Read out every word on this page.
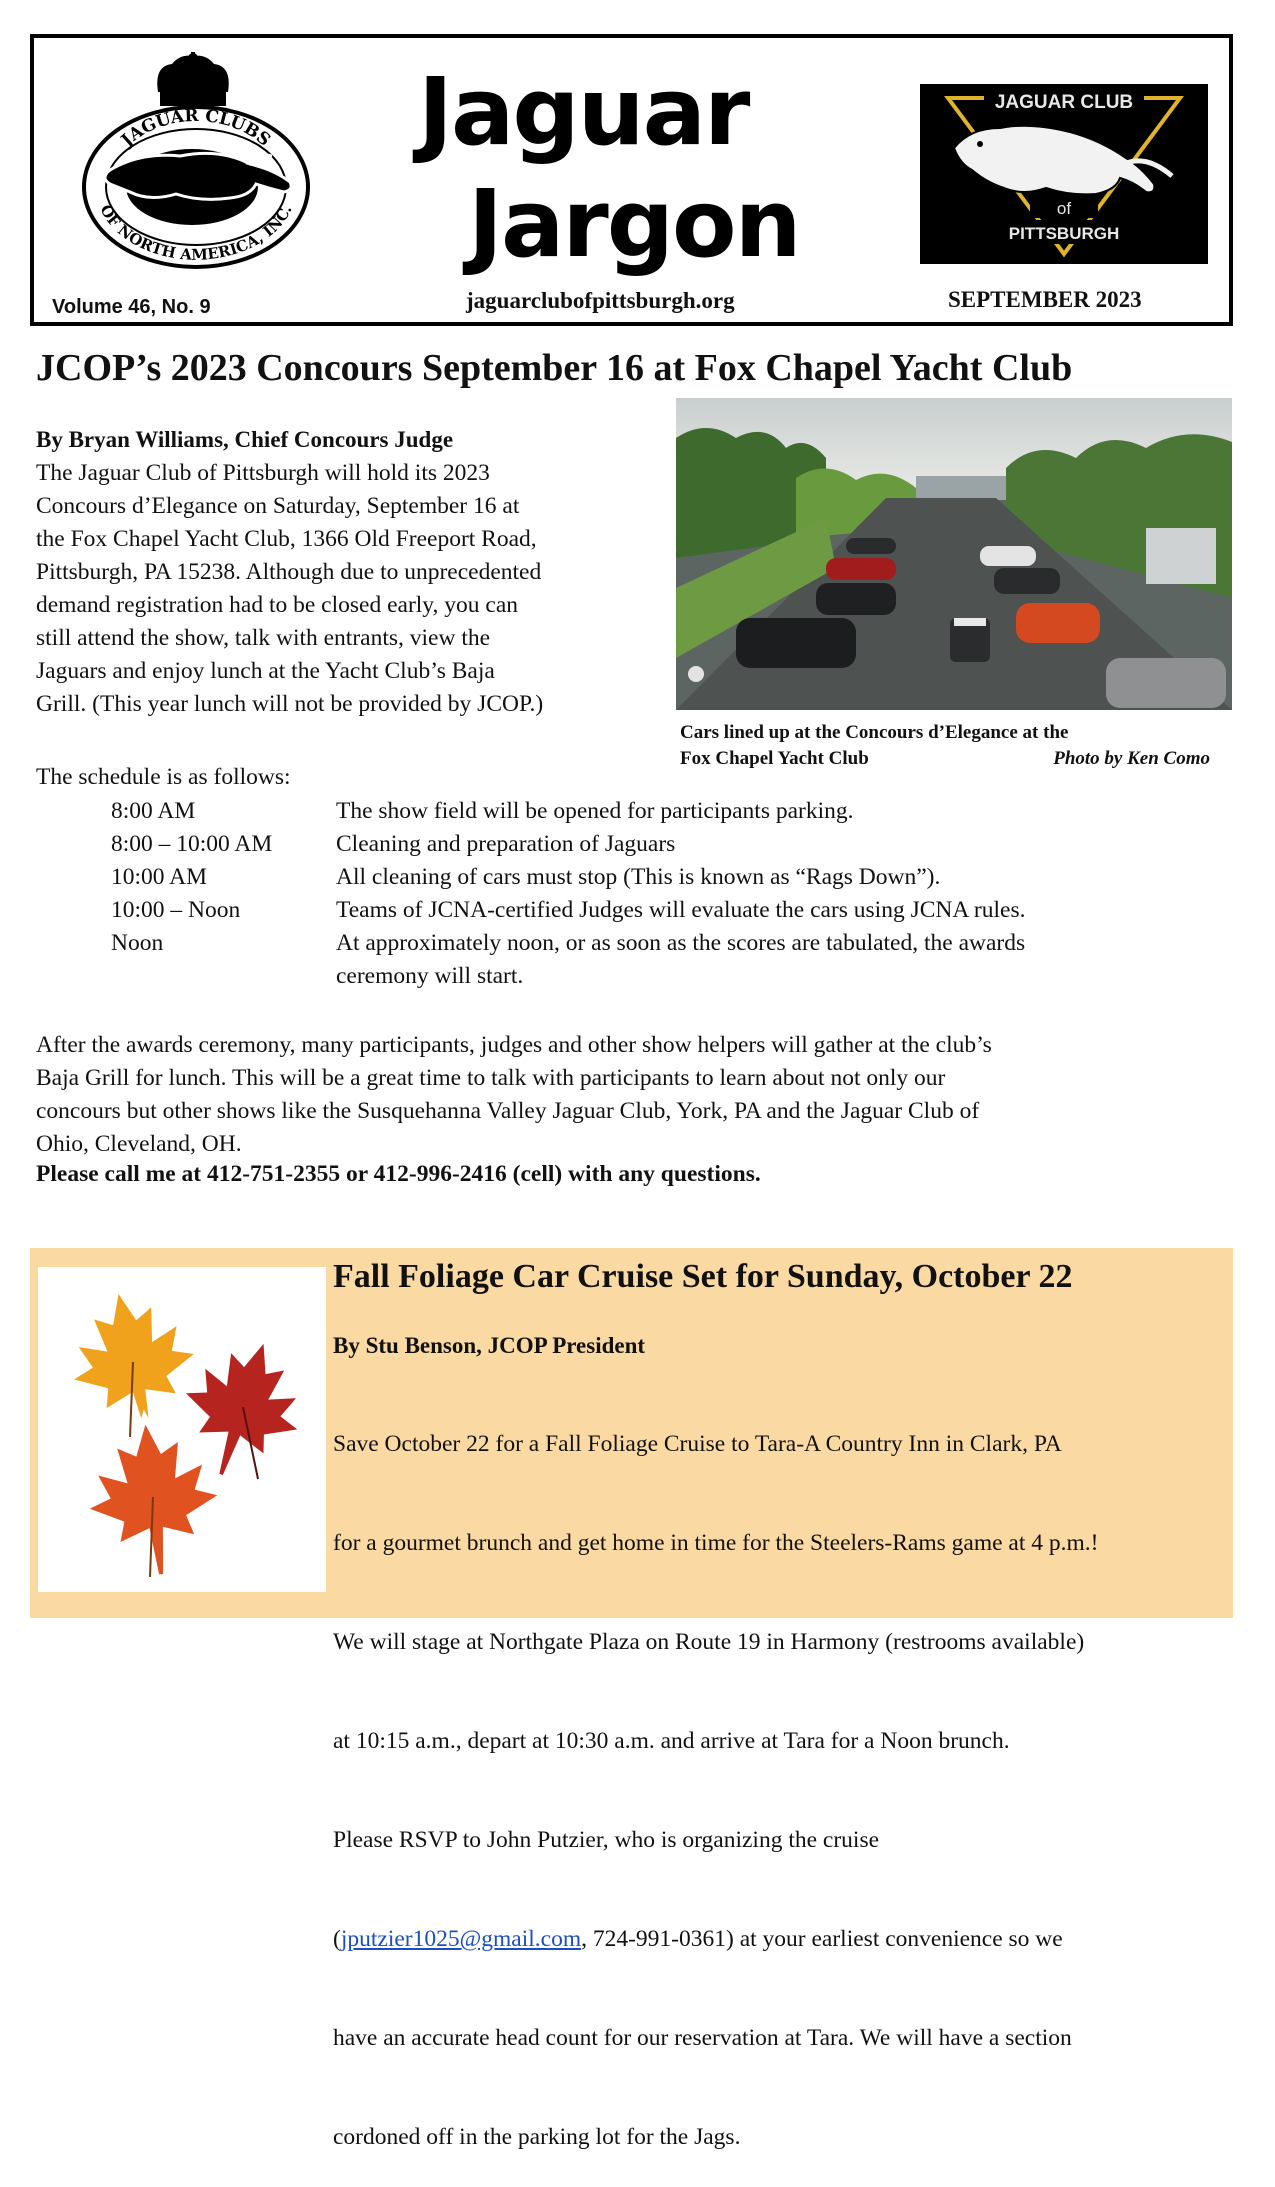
JAGUAR CLUBS
OF NORTH AMERICA, INC.
Jaguar
Jargon
JAGUAR CLUB
of
PITTSBURGH
Volume 46, No. 9	jaguarclubofpittsburgh.org	SEPTEMBER 2023
JCOP’s 2023 Concours September 16 at Fox Chapel Yacht Club
Cars lined up at the Concours d’Elegance at the
Fox Chapel Yacht Club	Photo by Ken Como
By Bryan Williams, Chief Concours Judge
The Jaguar Club of Pittsburgh will hold its 2023
Concours d’Elegance on Saturday, September 16 at
the Fox Chapel Yacht Club, 1366 Old Freeport Road,
Pittsburgh, PA 15238. Although due to unprecedented
demand registration had to be closed early, you can
still attend the show, talk with entrants, view the
Jaguars and enjoy lunch at the Yacht Club’s Baja
Grill. (This year lunch will not be provided by JCOP.)
The schedule is as follows:
8:00 AM	The show field will be opened for participants parking.
8:00 – 10:00 AM	Cleaning and preparation of Jaguars
10:00 AM	All cleaning of cars must stop (This is known as “Rags Down”).
10:00 – Noon	Teams of JCNA-certified Judges will evaluate the cars using JCNA rules.
Noon	At approximately noon, or as soon as the scores are tabulated, the awards
ceremony will start.
After the awards ceremony, many participants, judges and other show helpers will gather at the club’s
Baja Grill for lunch. This will be a great time to talk with participants to learn about not only our
concours but other shows like the Susquehanna Valley Jaguar Club, York, PA and the Jaguar Club of
Ohio, Cleveland, OH.
Please call me at 412-751-2355 or 412-996-2416 (cell) with any questions.
Fall Foliage Car Cruise Set for Sunday, October 22
By Stu Benson, JCOP President

Save October 22 for a Fall Foliage Cruise to Tara-A Country Inn in Clark, PA

for a gourmet brunch and get home in time for the Steelers-Rams game at 4 p.m.!

We will stage at Northgate Plaza on Route 19 in Harmony (restrooms available)

at 10:15 a.m., depart at 10:30 a.m. and arrive at Tara for a Noon brunch.

Please RSVP to John Putzier, who is organizing the cruise

(jputzier1025@gmail.com, 724-991-0361) at your earliest convenience so we

have an accurate head count for our reservation at Tara. We will have a section

cordoned off in the parking lot for the Jags.
